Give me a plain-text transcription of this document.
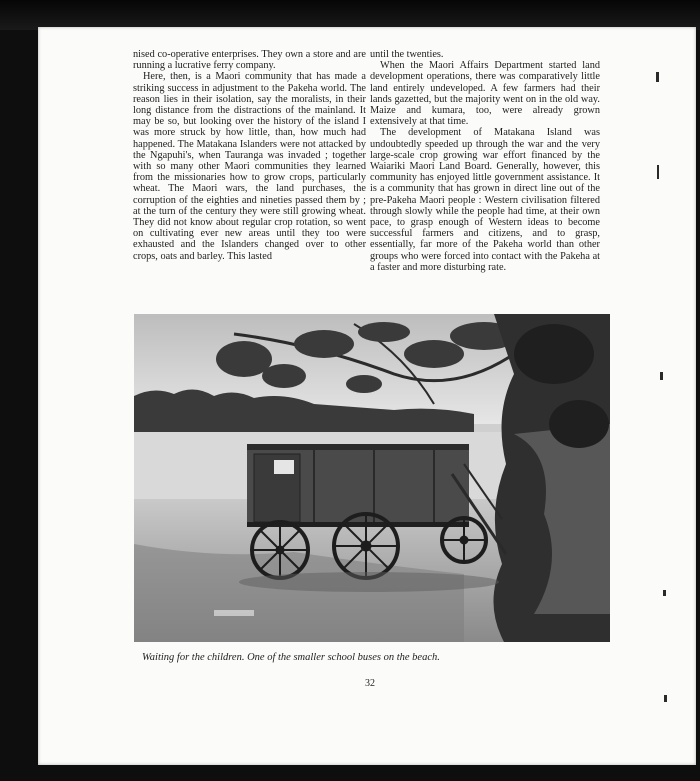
nised co-operative enterprises. They own a store and are running a lucrative ferry company.

Here, then, is a Maori community that has made a striking success in adjustment to the Pakeha world. The reason lies in their isolation, say the moralists, in their long distance from the distractions of the mainland. It may be so, but looking over the history of the island I was more struck by how little, than, how much had happened. The Matakana Islanders were not attacked by the Ngapuhi's, when Tauranga was invaded ; together with so many other Maori communities they learned from the missionaries how to grow crops, particularly wheat. The Maori wars, the land purchases, the corruption of the eighties and nineties passed them by ; at the turn of the century they were still growing wheat. They did not know about regular crop rotation, so went on cultivating ever new areas until they too were exhausted and the Islanders changed over to other crops, oats and barley. This lasted

until the twenties.

When the Maori Affairs Department started land development operations, there was comparatively little land entirely undeveloped. A few farmers had their lands gazetted, but the majority went on in the old way. Maize and kumara, too, were already grown extensively at that time.

The development of Matakana Island was undoubtedly speeded up through the war and the very large-scale crop growing war effort financed by the Waiariki Maori Land Board. Generally, however, this community has enjoyed little government assistance. It is a community that has grown in direct line out of the pre-Pakeha Maori people : Western civilisation filtered through slowly while the people had time, at their own pace, to grasp enough of Western ideas to become successful farmers and citizens, and to grasp, essentially, far more of the Pakeha world than other groups who were forced into contact with the Pakeha at a faster and more disturbing rate.

Waiting for the children. One of the smaller school buses on the beach.
32
